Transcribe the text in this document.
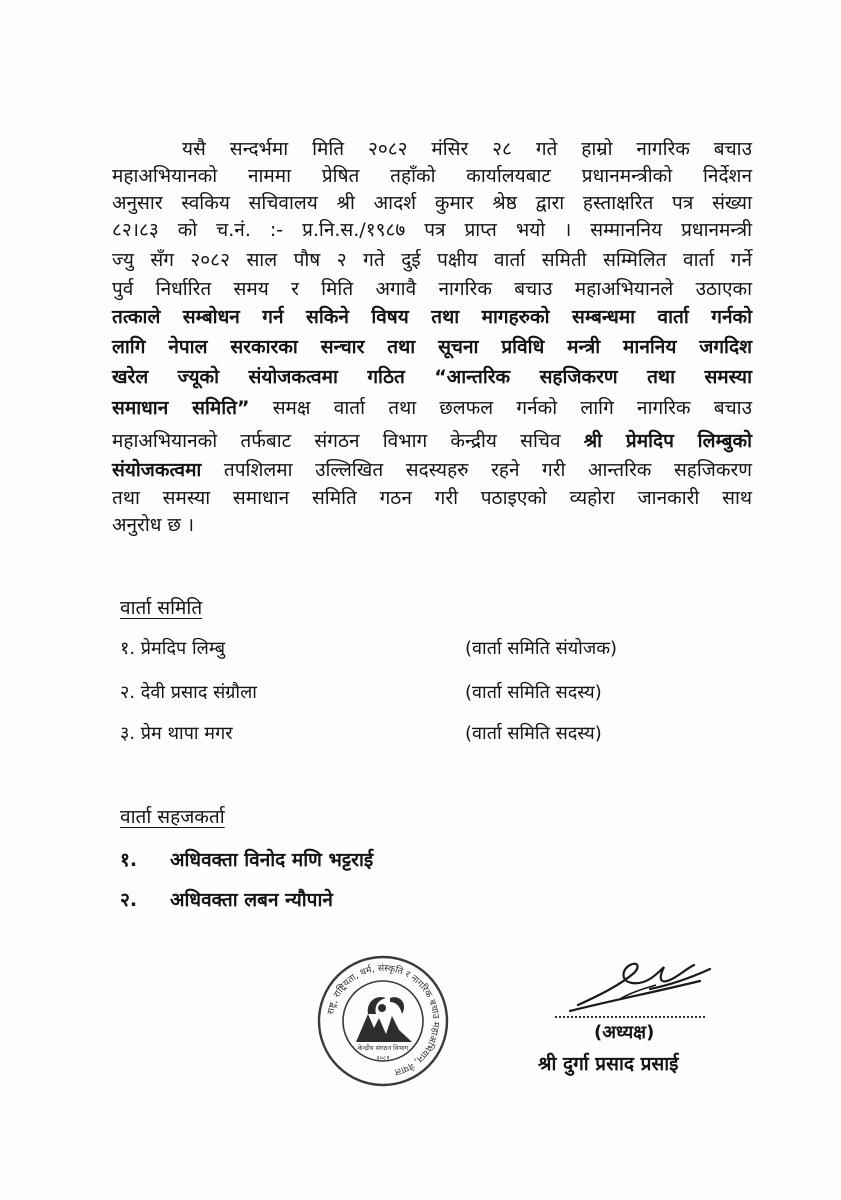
यसै सन्दर्भमा मिति २०८२ मंसिर २८ गते हाम्रो नागरिक बचाउ
महाअभियानको नाममा प्रेषित तहाँको कार्यालयबाट प्रधानमन्त्रीको निर्देशन
अनुसार स्वकिय सचिवालय श्री आदर्श कुमार श्रेष्ठ द्वारा हस्ताक्षरित पत्र संख्या
८२।८३ को च.नं. :- प्र.नि.स./१९८७ पत्र प्राप्त भयो । सम्माननिय प्रधानमन्त्री
ज्यु सँग २०८२ साल पौष २ गते दुई पक्षीय वार्ता समिती सम्मिलित वार्ता गर्ने
पुर्व निर्धारित समय र मिति अगावै नागरिक बचाउ महाअभियानले उठाएका
तत्काले सम्बोधन गर्न सकिने विषय तथा मागहरुको सम्बन्धमा वार्ता गर्नको
लागि नेपाल सरकारका सन्चार तथा सूचना प्रविधि मन्त्री माननिय जगदिश
खरेल ज्यूको संयोजकत्वमा गठित “आन्तरिक सहजिकरण तथा समस्या
समाधान समिति” समक्ष वार्ता तथा छलफल गर्नको लागि नागरिक बचाउ
महाअभियानको तर्फबाट संगठन विभाग केन्द्रीय सचिव श्री प्रेमदिप लिम्बुको
संयोजकत्वमा तपशिलमा उल्लिखित सदस्यहरु रहने गरी आन्तरिक सहजिकरण
तथा समस्या समाधान समिति गठन गरी पठाइएको व्यहोरा जानकारी साथ
अनुरोध छ ।
वार्ता समिति
१. प्रेमदिप लिम्बु	(वार्ता समिति संयोजक)
२. देवी प्रसाद संग्रौला	(वार्ता समिति सदस्य)
३. प्रेम थापा मगर	(वार्ता समिति सदस्य)
वार्ता सहजकर्ता
१. अधिवक्ता विनोद मणि भट्टराई
२. अधिवक्ता लबन न्यौपाने
राष्ट्र, राष्ट्रियता, धर्म, संस्कृति र नागरिक बचाउ महाअभियान, नेपाल
केन्द्रीय संगठन विभाग
२०८१
(अध्यक्ष)
श्री दुर्गा प्रसाद प्रसाई
